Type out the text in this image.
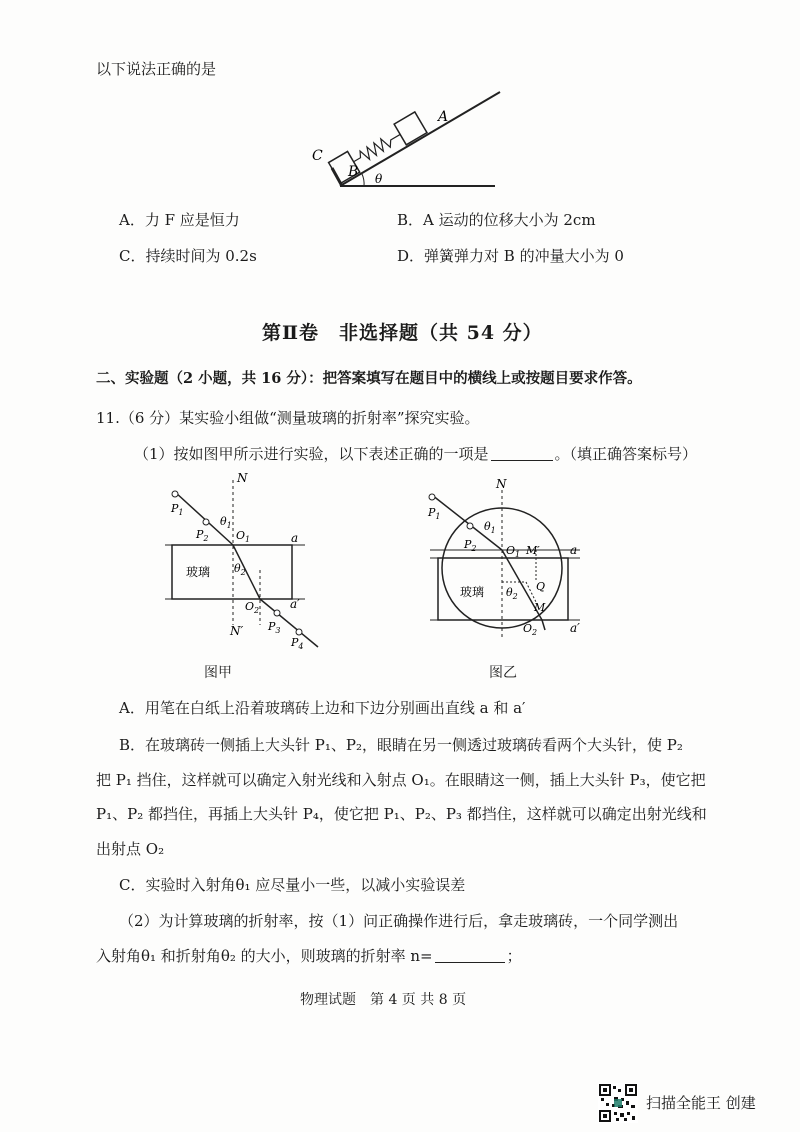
以下说法正确的是
C
B
A
θ
A．力 F 应是恒力	B．A 运动的位移大小为 2cm
C．持续时间为 0.2s	D．弹簧弹力对 B 的冲量大小为 0
第Ⅱ卷　非选择题（共 54 分）
二、实验题（2 小题，共 16 分）：把答案填写在题目中的横线上或按题目要求作答。
11.（6 分）某实验小组做“测量玻璃的折射率”探究实验。
（1）按如图甲所示进行实验，以下表述正确的一项是	。（填正确答案标号）
N
N′
$P_1$
$P_2$
$P_3$
$P_4$
$O_1$
$O_2$
a
a′
玻璃
$\theta_1$
$\theta_2$
图甲
N
$P_1$
$P_2$	$O_1$
$O_2$
M′
M
Q
a
a′
玻璃
$\theta_1$
$\theta_2$
图乙
A．用笔在白纸上沿着玻璃砖上边和下边分别画出直线 a 和 a′
B．在玻璃砖一侧插上大头针 P₁、P₂，眼睛在另一侧透过玻璃砖看两个大头针，使 P₂
把 P₁ 挡住，这样就可以确定入射光线和入射点 O₁。在眼睛这一侧，插上大头针 P₃，使它把
P₁、P₂ 都挡住，再插上大头针 P₄，使它把 P₁、P₂、P₃ 都挡住，这样就可以确定出射光线和
出射点 O₂
C．实验时入射角θ₁ 应尽量小一些，以减小实验误差
（2）为计算玻璃的折射率，按（1）问正确操作进行后，拿走玻璃砖，一个同学测出
入射角θ₁ 和折射角θ₂ 的大小，则玻璃的折射率 n=	；
物理试题　第 4 页 共 8 页
扫描全能王 创建
